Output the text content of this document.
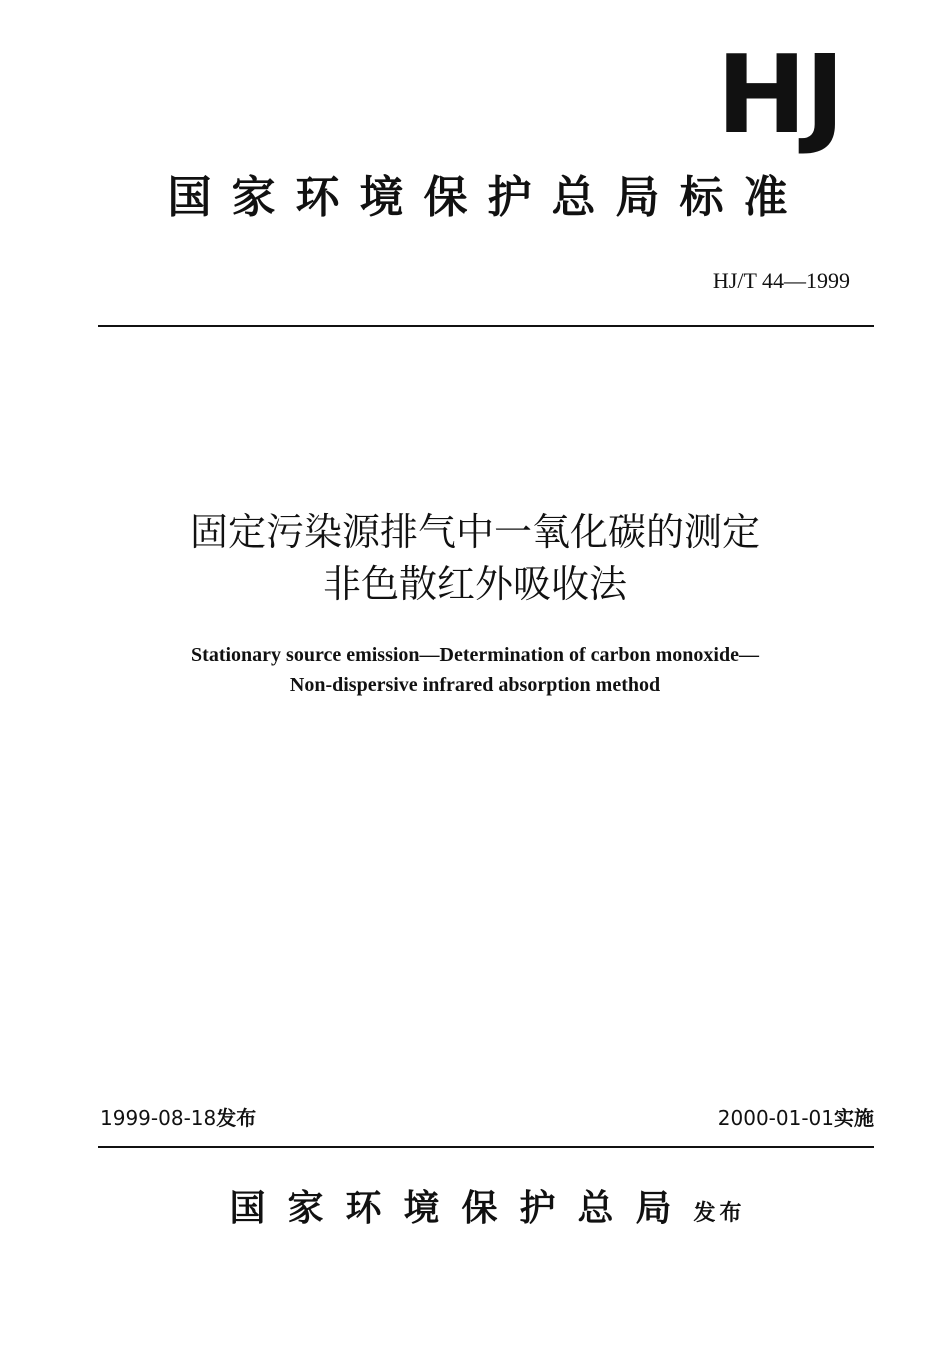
HJ
国家环境保护总局标准
HJ/T 44—1999
固定污染源排气中一氧化碳的测定
非色散红外吸收法
Stationary source emission—Determination of carbon monoxide—
Non-dispersive infrared absorption method
1999-08-18发布	2000-01-01实施
国家环境保护总局发布
